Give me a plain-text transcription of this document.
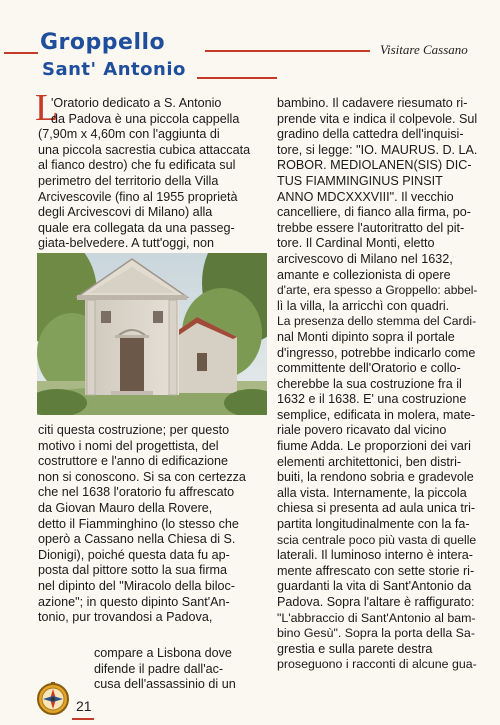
Groppello	Visitare Cassano
Sant' Antonio
L
'Oratorio dedicato a S. Antonio
da Padova è una piccola cappella
(7,90m x 4,60m con l'aggiunta di
una piccola sacrestia cubica attaccata
al fianco destro) che fu edificata sul
perimetro del territorio della Villa
Arcivescovile (fino al 1955 proprietà
degli Arcivescovi di Milano) alla
quale era collegata da una passeg-
giata-belvedere. A tutt'oggi, non
citi questa costruzione; per questo
motivo i nomi del progettista, del
costruttore e l'anno di edificazione
non si conoscono. Si sa con certezza
che nel 1638 l'oratorio fu affrescato
da Giovan Mauro della Rovere,
detto il Fiamminghino (lo stesso che
operò a Cassano nella Chiesa di S.
Dionigi), poiché questa data fu ap-
posta dal pittore sotto la sua firma
nel dipinto del "Miracolo della biloc-
azione"; in questo dipinto Sant'An-
tonio, pur trovandosi a Padova,
compare a Lisbona dove
difende il padre dall'ac-
cusa dell'assassinio di un
bambino. Il cadavere riesumato ri-
prende vita e indica il colpevole. Sul
gradino della cattedra dell'inquisi-
tore, si legge: "IO. MAURUS. D. LA.
ROBOR. MEDIOLANEN(SIS) DIC-
TUS FIAMMINGINUS PINSIT
ANNO MDCXXXVIII". Il vecchio
cancelliere, di fianco alla firma, po-
trebbe essere l'autoritratto del pit-
tore. Il Cardinal Monti, eletto
arcivescovo di Milano nel 1632,
amante e collezionista di opere
d'arte, era spesso a Groppello: abbel-
lì la villa, la arricchì con quadri.
La presenza dello stemma del Cardi-
nal Monti dipinto sopra il portale
d'ingresso, potrebbe indicarlo come
committente dell'Oratorio e collo-
cherebbe la sua costruzione fra il
1632 e il 1638. E' una costruzione
semplice, edificata in molera, mate-
riale povero ricavato dal vicino
fiume Adda. Le proporzioni dei vari
elementi architettonici, ben distri-
buiti, la rendono sobria e gradevole
alla vista. Internamente, la piccola
chiesa si presenta ad aula unica tri-
partita longitudinalmente con la fa-
scia centrale poco più vasta di quelle
laterali. Il luminoso interno è intera-
mente affrescato con sette storie ri-
guardanti la vita di Sant'Antonio da
Padova. Sopra l'altare è raffigurato:
"L'abbraccio di Sant'Antonio al bam-
bino Gesù". Sopra la porta della Sa-
grestia e sulla parete destra
proseguono i racconti di alcune gua-
21
